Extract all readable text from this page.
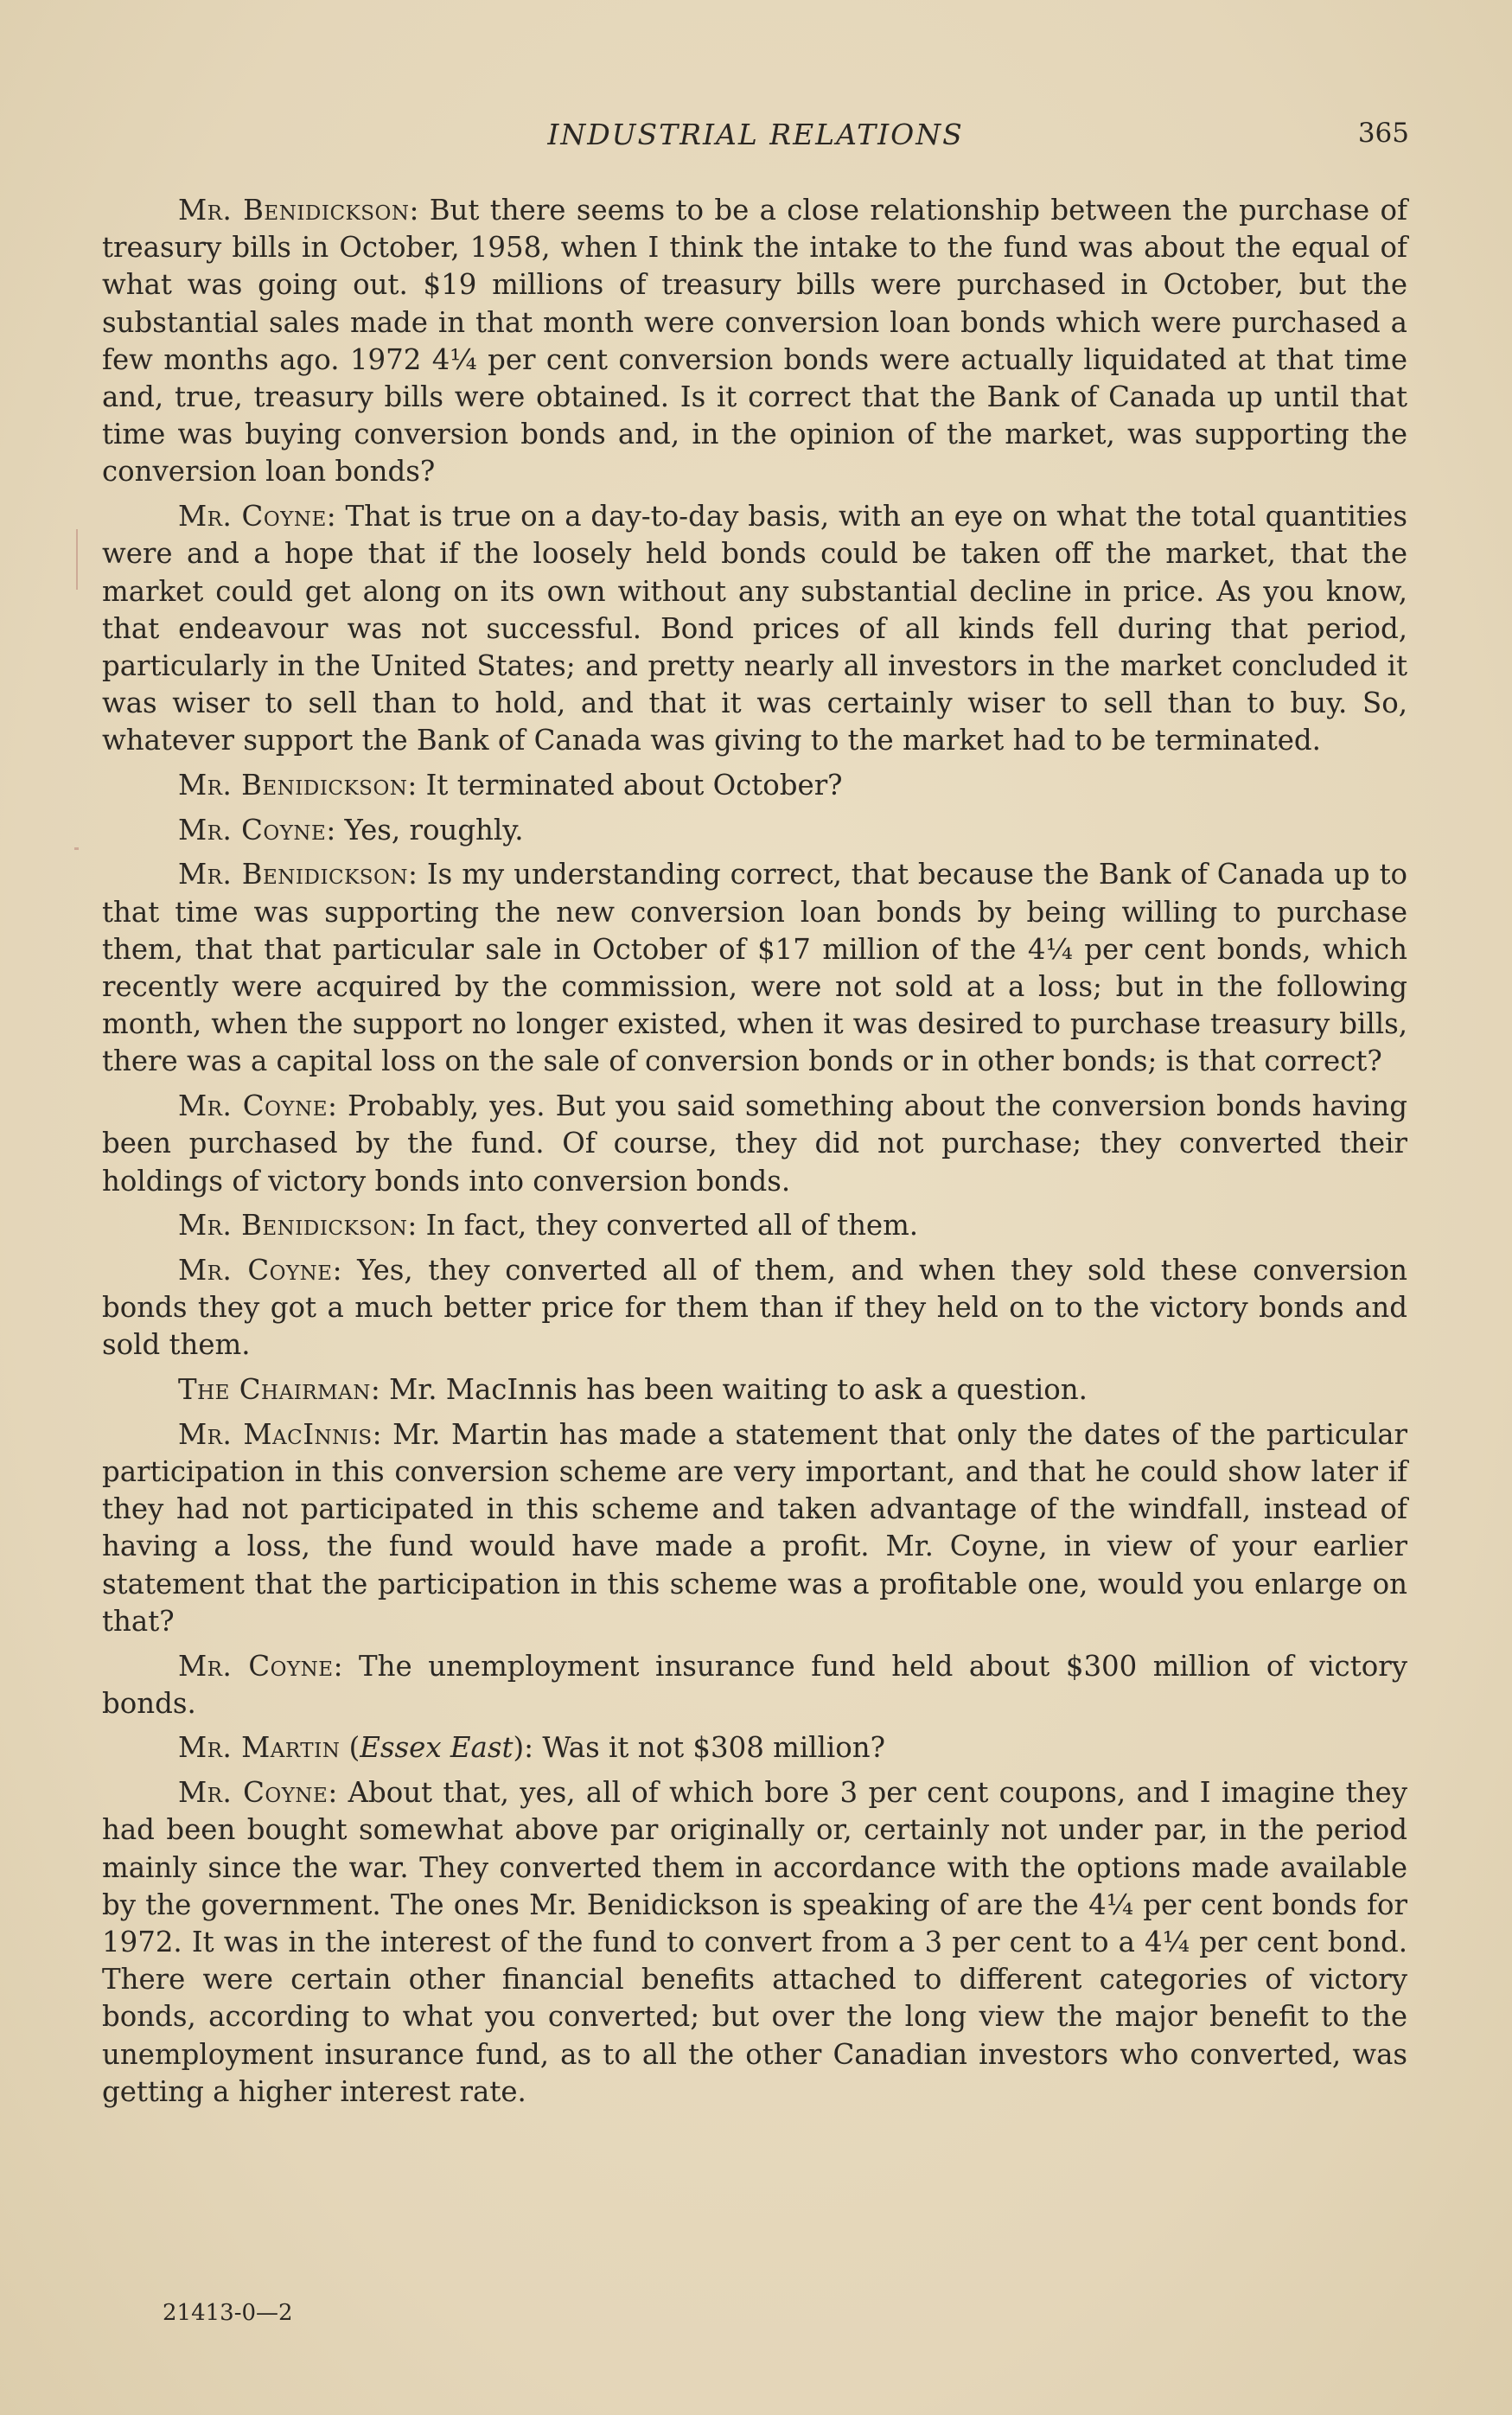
INDUSTRIAL RELATIONS	365

Mr. Benidickson: But there seems to be a close relationship between the purchase of treasury bills in October, 1958, when I think the intake to the fund was about the equal of what was going out. $19 millions of treasury bills were purchased in October, but the substantial sales made in that month were conversion loan bonds which were purchased a few months ago. 1972 4¼ per cent conversion bonds were actually liquidated at that time and, true, treasury bills were obtained. Is it correct that the Bank of Canada up until that time was buying conversion bonds and, in the opinion of the market, was supporting the conversion loan bonds?

Mr. Coyne: That is true on a day-to-day basis, with an eye on what the total quantities were and a hope that if the loosely held bonds could be taken off the market, that the market could get along on its own without any substantial decline in price. As you know, that endeavour was not successful. Bond prices of all kinds fell during that period, particularly in the United States; and pretty nearly all investors in the market concluded it was wiser to sell than to hold, and that it was certainly wiser to sell than to buy. So, whatever support the Bank of Canada was giving to the market had to be terminated.

Mr. Benidickson: It terminated about October?

Mr. Coyne: Yes, roughly.

Mr. Benidickson: Is my understanding correct, that because the Bank of Canada up to that time was supporting the new conversion loan bonds by being willing to purchase them, that that particular sale in October of $17 million of the 4¼ per cent bonds, which recently were acquired by the commission, were not sold at a loss; but in the following month, when the support no longer existed, when it was desired to purchase treasury bills, there was a capital loss on the sale of conversion bonds or in other bonds; is that correct?

Mr. Coyne: Probably, yes. But you said something about the conversion bonds having been purchased by the fund. Of course, they did not purchase; they converted their holdings of victory bonds into conversion bonds.

Mr. Benidickson: In fact, they converted all of them.

Mr. Coyne: Yes, they converted all of them, and when they sold these conversion bonds they got a much better price for them than if they held on to the victory bonds and sold them.

The Chairman: Mr. MacInnis has been waiting to ask a question.

Mr. MacInnis: Mr. Martin has made a statement that only the dates of the particular participation in this conversion scheme are very important, and that he could show later if they had not participated in this scheme and taken advantage of the windfall, instead of having a loss, the fund would have made a profit. Mr. Coyne, in view of your earlier statement that the participation in this scheme was a profitable one, would you enlarge on that?

Mr. Coyne: The unemployment insurance fund held about $300 million of victory bonds.

Mr. Martin (Essex East): Was it not $308 million?

Mr. Coyne: About that, yes, all of which bore 3 per cent coupons, and I imagine they had been bought somewhat above par originally or, certainly not under par, in the period mainly since the war. They converted them in accordance with the options made available by the government. The ones Mr. Benidickson is speaking of are the 4¼ per cent bonds for 1972. It was in the interest of the fund to convert from a 3 per cent to a 4¼ per cent bond. There were certain other financial benefits attached to different categories of victory bonds, according to what you converted; but over the long view the major benefit to the unemployment insurance fund, as to all the other Canadian investors who converted, was getting a higher interest rate.

21413-0—2
